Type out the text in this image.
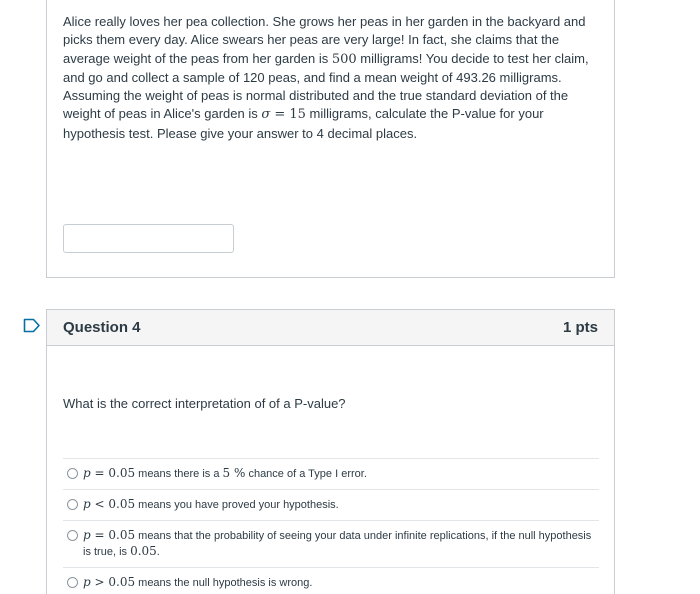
Alice really loves her pea collection. She grows her peas in her garden in the backyard and picks them every day. Alice swears her peas are very large! In fact, she claims that the average weight of the peas from her garden is 500 milligrams! You decide to test her claim, and go and collect a sample of 120 peas, and find a mean weight of 493.26 milligrams. Assuming the weight of peas is normal distributed and the true standard deviation of the weight of peas in Alice's garden is σ = 15 milligrams, calculate the P-value for your hypothesis test. Please give your answer to 4 decimal places.

Question 4	1 pts

What is the correct interpretation of of a P-value?

p = 0.05 means there is a 5 % chance of a Type I error.
p < 0.05 means you have proved your hypothesis.
p = 0.05 means that the probability of seeing your data under infinite replications, if the null hypothesis is true, is 0.05.
p > 0.05 means the null hypothesis is wrong.
